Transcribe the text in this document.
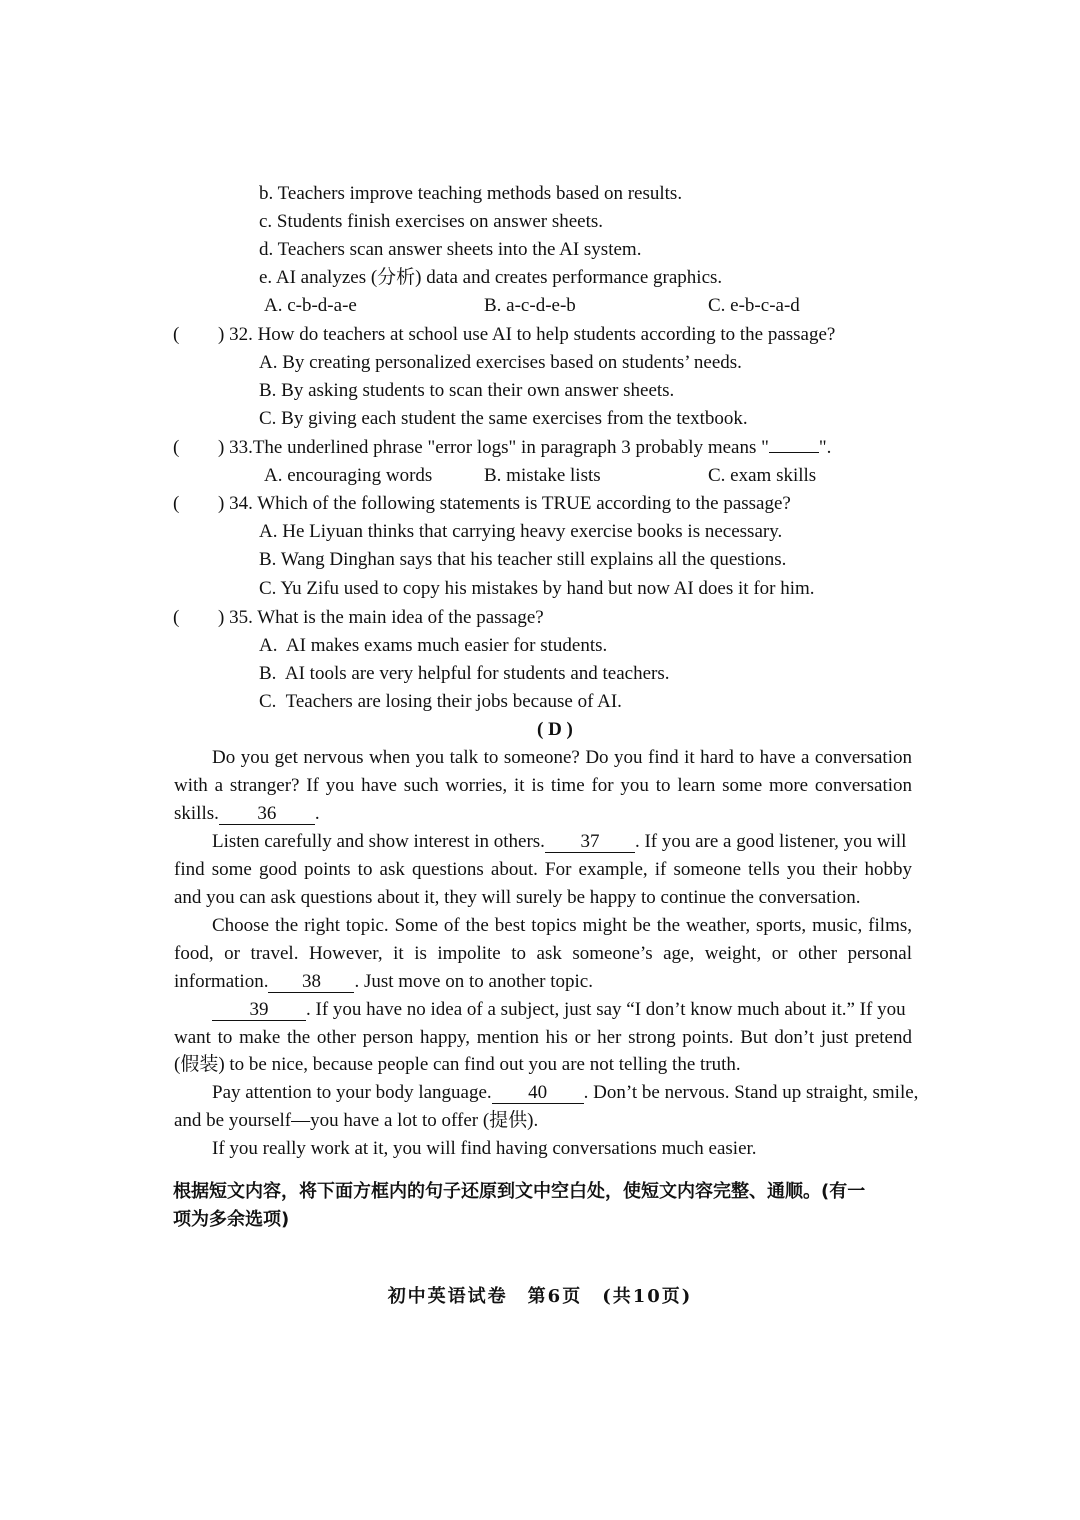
b. Teachers improve teaching methods based on results.
c. Students finish exercises on answer sheets.
d. Teachers scan answer sheets into the AI system.
e. AI analyzes (分析) data and creates performance graphics.
A. c-b-d-a-e	B. a-c-d-e-b	C. e-b-c-a-d
( ) 32. How do teachers at school use AI to help students according to the passage?
A. By creating personalized exercises based on students’ needs.
B. By asking students to scan their own answer sheets.
C. By giving each student the same exercises from the textbook.
( ) 33.The underlined phrase "error logs" in paragraph 3 probably means "	".
A. encouraging words	B. mistake lists	C. exam skills
( ) 34. Which of the following statements is TRUE according to the passage?
A. He Liyuan thinks that carrying heavy exercise books is necessary.
B. Wang Dinghan says that his teacher still explains all the questions.
C. Yu Zifu used to copy his mistakes by hand but now AI does it for him.
( ) 35. What is the main idea of the passage?
A.  AI makes exams much easier for students.
B.  AI tools are very helpful for students and teachers.
C.  Teachers are losing their jobs because of AI.
( D )
Do you get nervous when you talk to someone? Do you find it hard to have a conversation
with a stranger? If you have such worries, it is time for you to learn some more conversation
skills. 36 .
Listen carefully and show interest in others. 37 . If you are a good listener, you will
find some good points to ask questions about. For example, if someone tells you their hobby
and you can ask questions about it, they will surely be happy to continue the conversation.
Choose the right topic. Some of the best topics might be the weather, sports, music, films,
food, or travel. However, it is impolite to ask someone’s age, weight, or other personal
information. 38 . Just move on to another topic.
39 . If you have no idea of a subject, just say “I don’t know much about it.” If you
want to make the other person happy, mention his or her strong points. But don’t just pretend
(假装) to be nice, because people can find out you are not telling the truth.
Pay attention to your body language. 40 . Don’t be nervous. Stand up straight, smile,
and be yourself—you have a lot to offer (提供).
If you really work at it, you will find having conversations much easier.
根据短文内容，将下面方框内的句子还原到文中空白处，使短文内容完整、通顺。(有一
项为多余选项)
初中英语试卷　第6页　(共10页)
